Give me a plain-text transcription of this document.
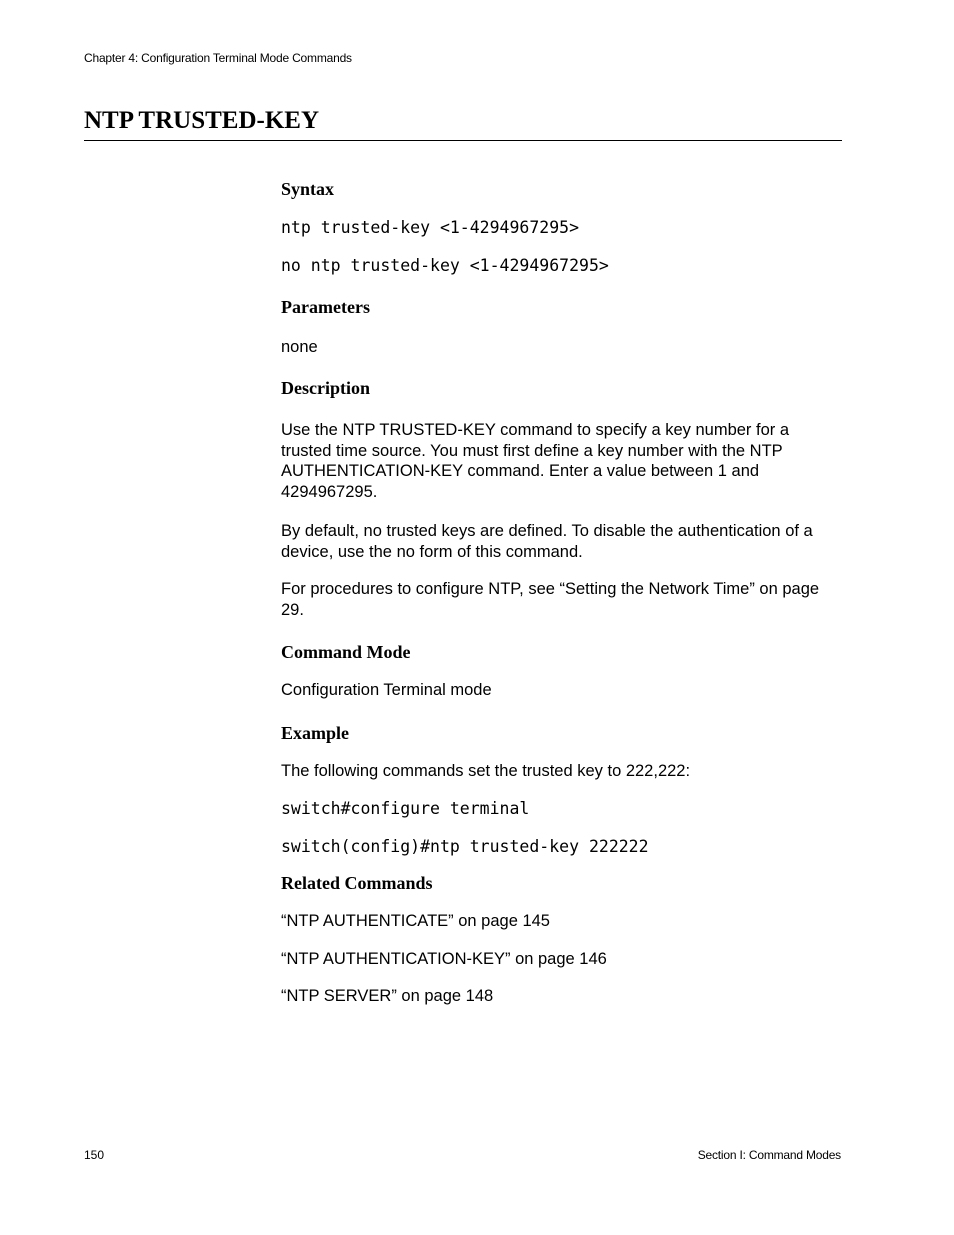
Chapter 4: Configuration Terminal Mode Commands
NTP TRUSTED-KEY
Syntax
ntp trusted-key <1-4294967295>
no ntp trusted-key <1-4294967295>
Parameters

none

Description

Use the NTP TRUSTED-KEY command to specify a key number for a trusted time source. You must first define a key number with the NTP AUTHENTICATION-KEY command. Enter a value between 1 and 4294967295.

By default, no trusted keys are defined. To disable the authentication of a device, use the no form of this command.

For procedures to configure NTP, see “Setting the Network Time” on page 29.

Command Mode

Configuration Terminal mode

Example

The following commands set the trusted key to 222,222:

switch#configure terminal
switch(config)#ntp trusted-key 222222
Related Commands

“NTP AUTHENTICATE” on page 145

“NTP AUTHENTICATION-KEY” on page 146

“NTP SERVER” on page 148

150	Section I: Command Modes
